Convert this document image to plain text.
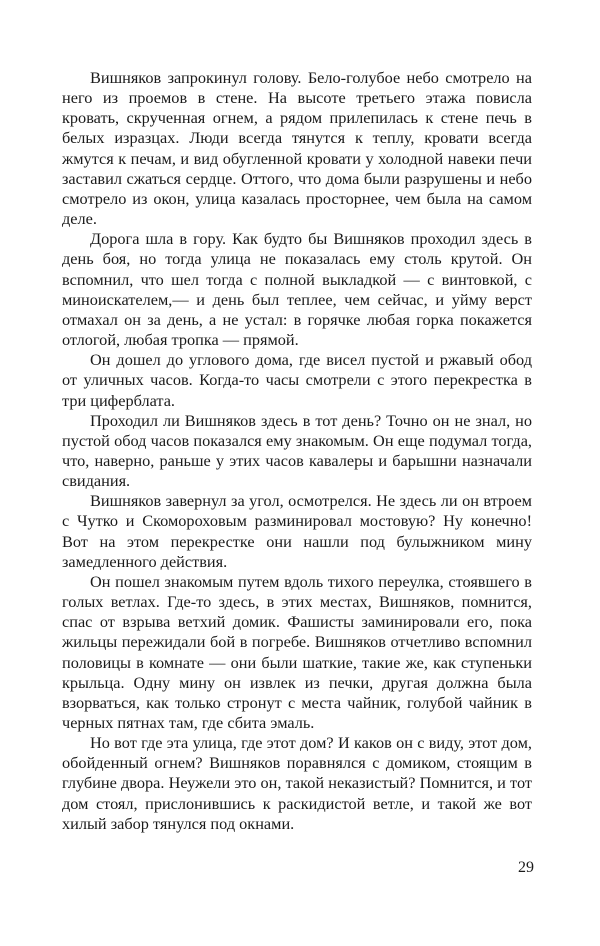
Вишняков запрокинул голову. Бело-голубое небо смотрело на него из проемов в стене. На высоте третьего этажа повисла кровать, скрученная огнем, а рядом прилепилась к стене печь в белых изразцах. Люди всегда тянутся к теплу, кровати всегда жмутся к печам, и вид обугленной кровати у холодной навеки печи заставил сжаться сердце. Оттого, что дома были разрушены и небо смотрело из окон, улица казалась просторнее, чем была на самом деле.

Дорога шла в гору. Как будто бы Вишняков проходил здесь в день боя, но тогда улица не показалась ему столь крутой. Он вспомнил, что шел тогда с полной выкладкой — с винтовкой, с миноискателем,— и день был теплее, чем сейчас, и уйму верст отмахал он за день, а не устал: в горячке любая горка покажется отлогой, любая тропка — прямой.

Он дошел до углового дома, где висел пустой и ржавый обод от уличных часов. Когда-то часы смотрели с этого перекрестка в три циферблата.

Проходил ли Вишняков здесь в тот день? Точно он не знал, но пустой обод часов показался ему знакомым. Он еще подумал тогда, что, наверно, раньше у этих часов кавалеры и барышни назначали свидания.

Вишняков завернул за угол, осмотрелся. Не здесь ли он втроем с Чутко и Скомороховым разминировал мостовую? Ну конечно! Вот на этом перекрестке они нашли под булыжником мину замедленного действия.

Он пошел знакомым путем вдоль тихого переулка, стоявшего в голых ветлах. Где-то здесь, в этих местах, Вишняков, помнится, спас от взрыва ветхий домик. Фашисты заминировали его, пока жильцы пережидали бой в погребе. Вишняков отчетливо вспомнил половицы в комнате — они были шаткие, такие же, как ступеньки крыльца. Одну мину он извлек из печки, другая должна была взорваться, как только стронут с места чайник, голубой чайник в черных пятнах там, где сбита эмаль.

Но вот где эта улица, где этот дом? И каков он с виду, этот дом, обойденный огнем? Вишняков поравнялся с домиком, стоящим в глубине двора. Неужели это он, такой неказистый? Помнится, и тот дом стоял, прислонившись к раскидистой ветле, и такой же вот хилый забор тянулся под окнами.

29
